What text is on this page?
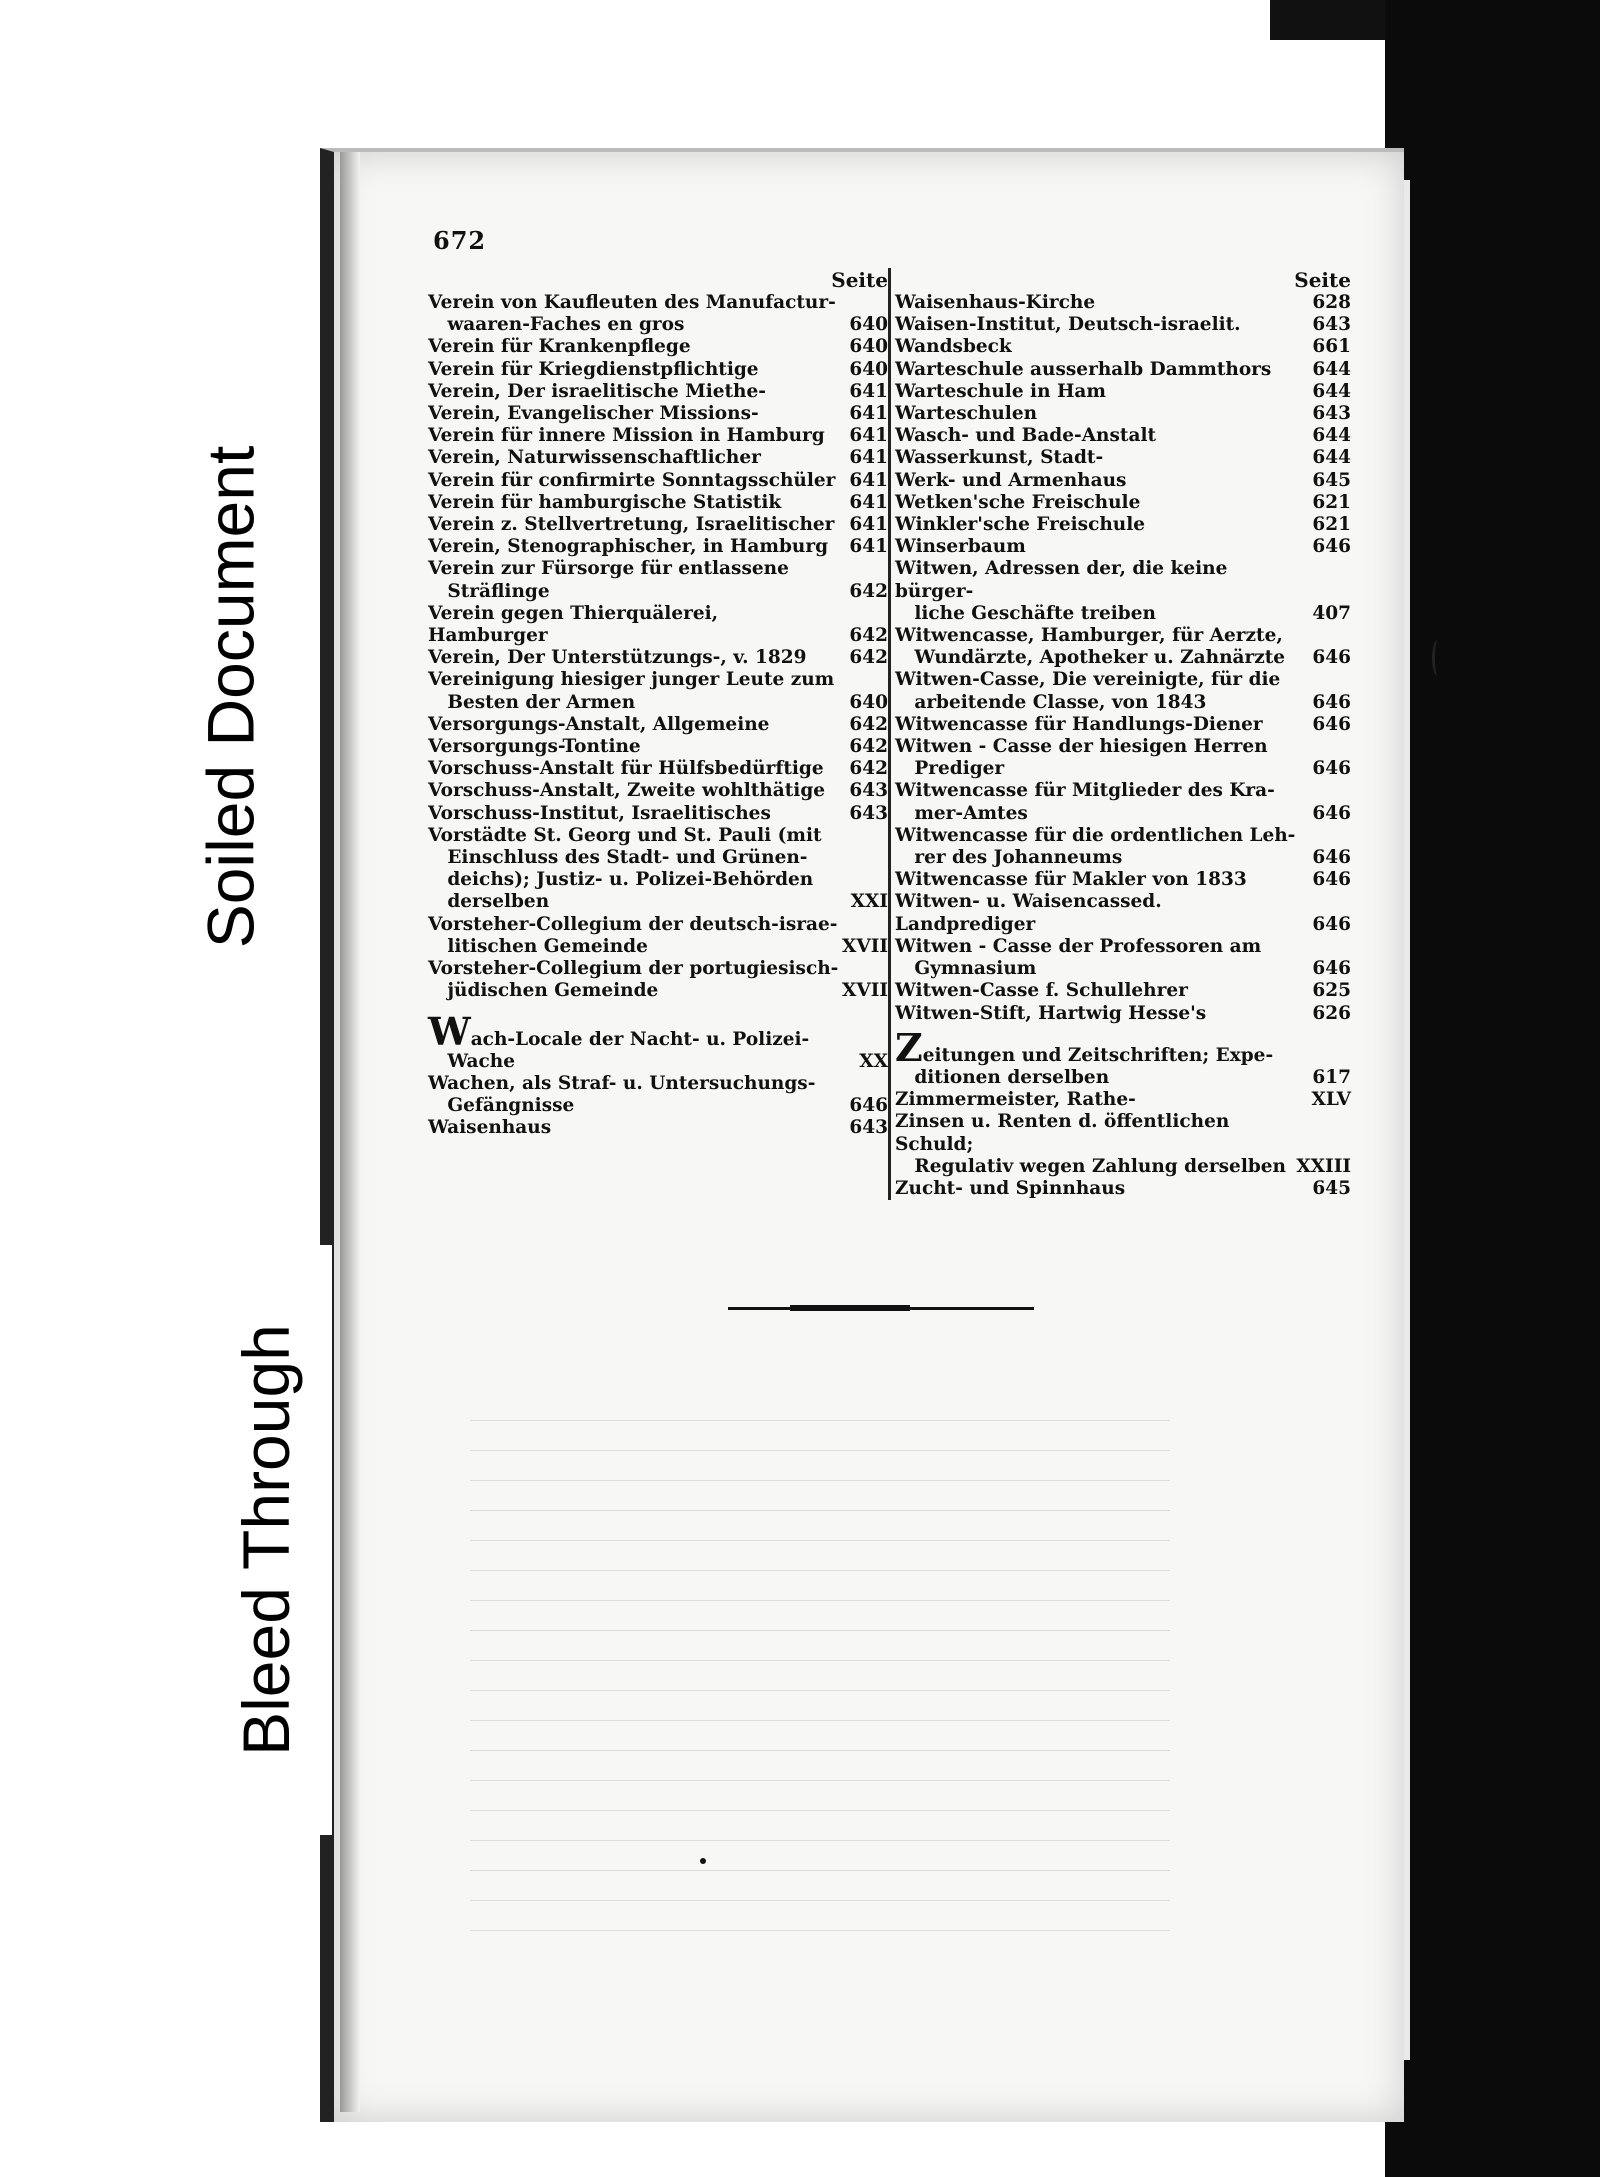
672
Seite
Verein von Kaufleuten des Manufactur-
waaren-Faches en gros	640
Verein für Krankenpflege	640
Verein für Kriegdienstpflichtige	640
Verein, Der israelitische Miethe-	641
Verein, Evangelischer Missions-	641
Verein für innere Mission in Hamburg	641
Verein, Naturwissenschaftlicher	641
Verein für confirmirte Sonntagsschüler 641
Verein für hamburgische Statistik	641
Verein z. Stellvertretung, Israelitischer 641
Verein, Stenographischer, in Hamburg	641
Verein zur Fürsorge für entlassene
Sträflinge	642
Verein gegen Thierquälerei, Hamburger	642
Verein, Der Unterstützungs-, v. 1829	642
Vereinigung hiesiger junger Leute zum
Besten der Armen	640
Versorgungs-Anstalt, Allgemeine	642
Versorgungs-Tontine	642
Vorschuss-Anstalt für Hülfsbedürftige	642
Vorschuss-Anstalt, Zweite wohlthätige	643
Vorschuss-Institut, Israelitisches	643
Vorstädte St. Georg und St. Pauli (mit
Einschluss des Stadt- und Grünen-
deichs); Justiz- u. Polizei-Behörden
derselben	XXI
Vorsteher-Collegium der deutsch-israe-
litischen Gemeinde	XVII
Vorsteher-Collegium der portugiesisch-
jüdischen Gemeinde	XVII
Wach-Locale der Nacht- u. Polizei-
Wache	XX
Wachen, als Straf- u. Untersuchungs-
Gefängnisse	646
Waisenhaus	643
Seite
Waisenhaus-Kirche	628
Waisen-Institut, Deutsch-israelit.	643
Wandsbeck	661
Warteschule ausserhalb Dammthors	644
Warteschule in Ham	644
Warteschulen	643
Wasch- und Bade-Anstalt	644
Wasserkunst, Stadt-	644
Werk- und Armenhaus	645
Wetken'sche Freischule	621
Winkler'sche Freischule	621
Winserbaum	646
Witwen, Adressen der, die keine bürger-
liche Geschäfte treiben	407
Witwencasse, Hamburger, für Aerzte,
Wundärzte, Apotheker u. Zahnärzte	646
Witwen-Casse, Die vereinigte, für die
arbeitende Classe, von 1843	646
Witwencasse für Handlungs-Diener	646
Witwen - Casse der hiesigen Herren
Prediger	646
Witwencasse für Mitglieder des Kra-
mer-Amtes	646
Witwencasse für die ordentlichen Leh-
rer des Johanneums	646
Witwencasse für Makler von 1833	646
Witwen- u. Waisencassed. Landprediger	646
Witwen - Casse der Professoren am
Gymnasium	646
Witwen-Casse f. Schullehrer	625
Witwen-Stift, Hartwig Hesse's	626
Zeitungen und Zeitschriften; Expe-
ditionen derselben	617
Zimmermeister, Rathe-	XLV
Zinsen u. Renten d. öffentlichen Schuld;
Regulativ wegen Zahlung derselben XXIII
Zucht- und Spinnhaus	645
Soiled Document
Bleed Through
